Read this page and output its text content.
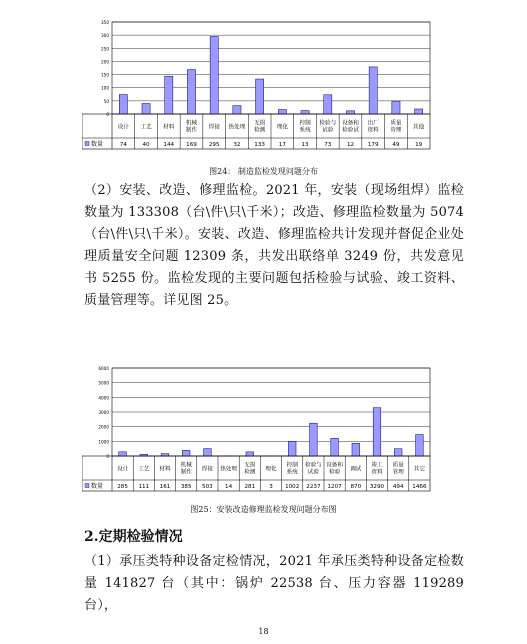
0
50
100
150
200
250
300
350
数量
设计
74
工艺
40
材料
144
机械
制作
169
焊接
295
热处理
32
无损
检测
133
理化
17
控制
系统
13
检验与
试验
73
设备和
检验试
12
出厂
资料
179
质量
管理
49
其他
19
图24： 制造监检发现问题分布
（2）安装、改造、修理监检。2021 年，安装（现场组焊）监检数量为 133308（台\件\只\千米）；改造、修理监检数量为 5074（台\件\只\千米）。安装、改造、修理监检共计发现并督促企业处理质量安全问题 12309 条，共发出联络单 3249 份，共发意见书 5255 份。监检发现的主要问题包括检验与试验、竣工资料、质量管理等。详见图 25。
0
1000
2000
3000
4000
5000
6000
数量
设计
285
工艺
111
材料
161
机械
制作
385
焊接
503
热处理
14
无损
检测
281
理化
3
控制
系统
1002
检验与
试验
2237
设备和
检验
1207
调试
870
竣工
资料
3290
质量
管理
494
其它
1466
图25：安装改造修理监检发现问题分布图
2.定期检验情况
（1）承压类特种设备定检情况，2021 年承压类特种设备定检数量 141827 台（其中：锅炉 22538 台、压力容器 119289 台），
18
